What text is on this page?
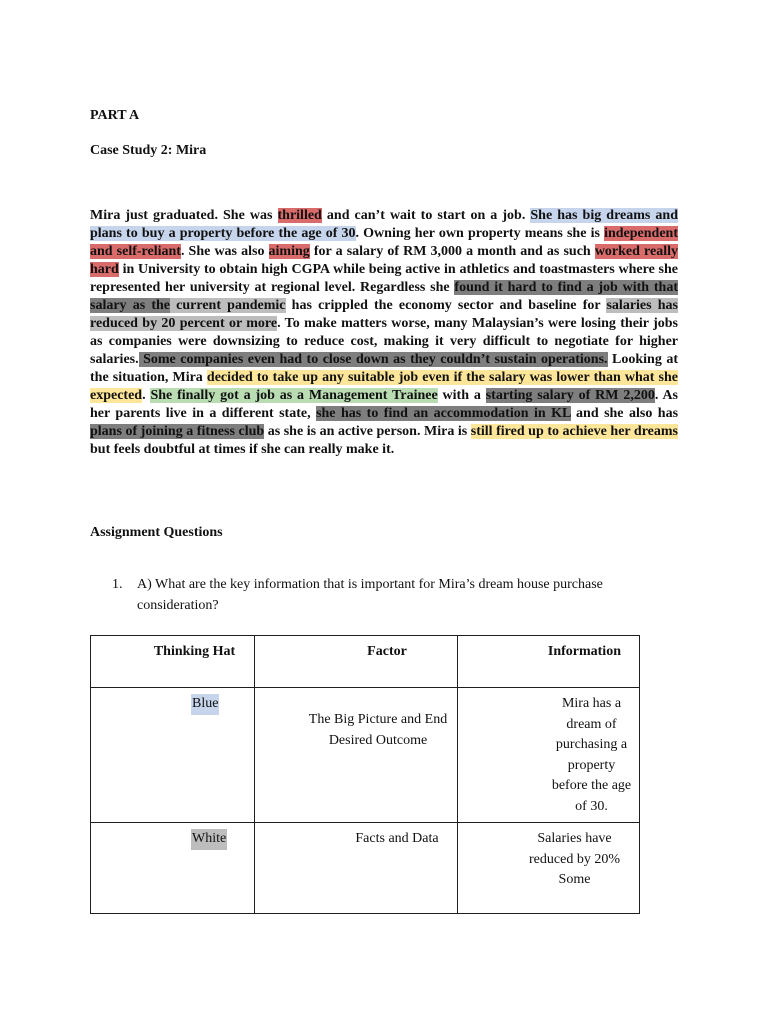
PART A

Case Study 2: Mira

Mira just graduated. She was thrilled and can’t wait to start on a job. She has big dreams and plans to buy a property before the age of 30. Owning her own property means she is independent and self-reliant. She was also aiming for a salary of RM 3,000 a month and as such worked really hard in University to obtain high CGPA while being active in athletics and toastmasters where she represented her university at regional level. Regardless she found it hard to find a job with that salary as the current pandemic has crippled the economy sector and baseline for salaries has reduced by 20 percent or more. To make matters worse, many Malaysian’s were losing their jobs as companies were downsizing to reduce cost, making it very difficult to negotiate for higher salaries. Some companies even had to close down as they couldn’t sustain operations. Looking at the situation, Mira decided to take up any suitable job even if the salary was lower than what she expected. She finally got a job as a Management Trainee with a starting salary of RM 2,200. As her parents live in a different state, she has to find an accommodation in KL and she also has plans of joining a fitness club as she is an active person. Mira is still fired up to achieve her dreams but feels doubtful at times if she can really make it.

Assignment Questions

1. A) What are the key information that is important for Mira’s dream house purchase consideration?
Thinking Hat	Factor	Information

Blue	The Big Picture and End Desired Outcome	Mira has a dream of purchasing a property before the age of 30.

White	Facts and Data	Salaries have reduced by 20% Some
